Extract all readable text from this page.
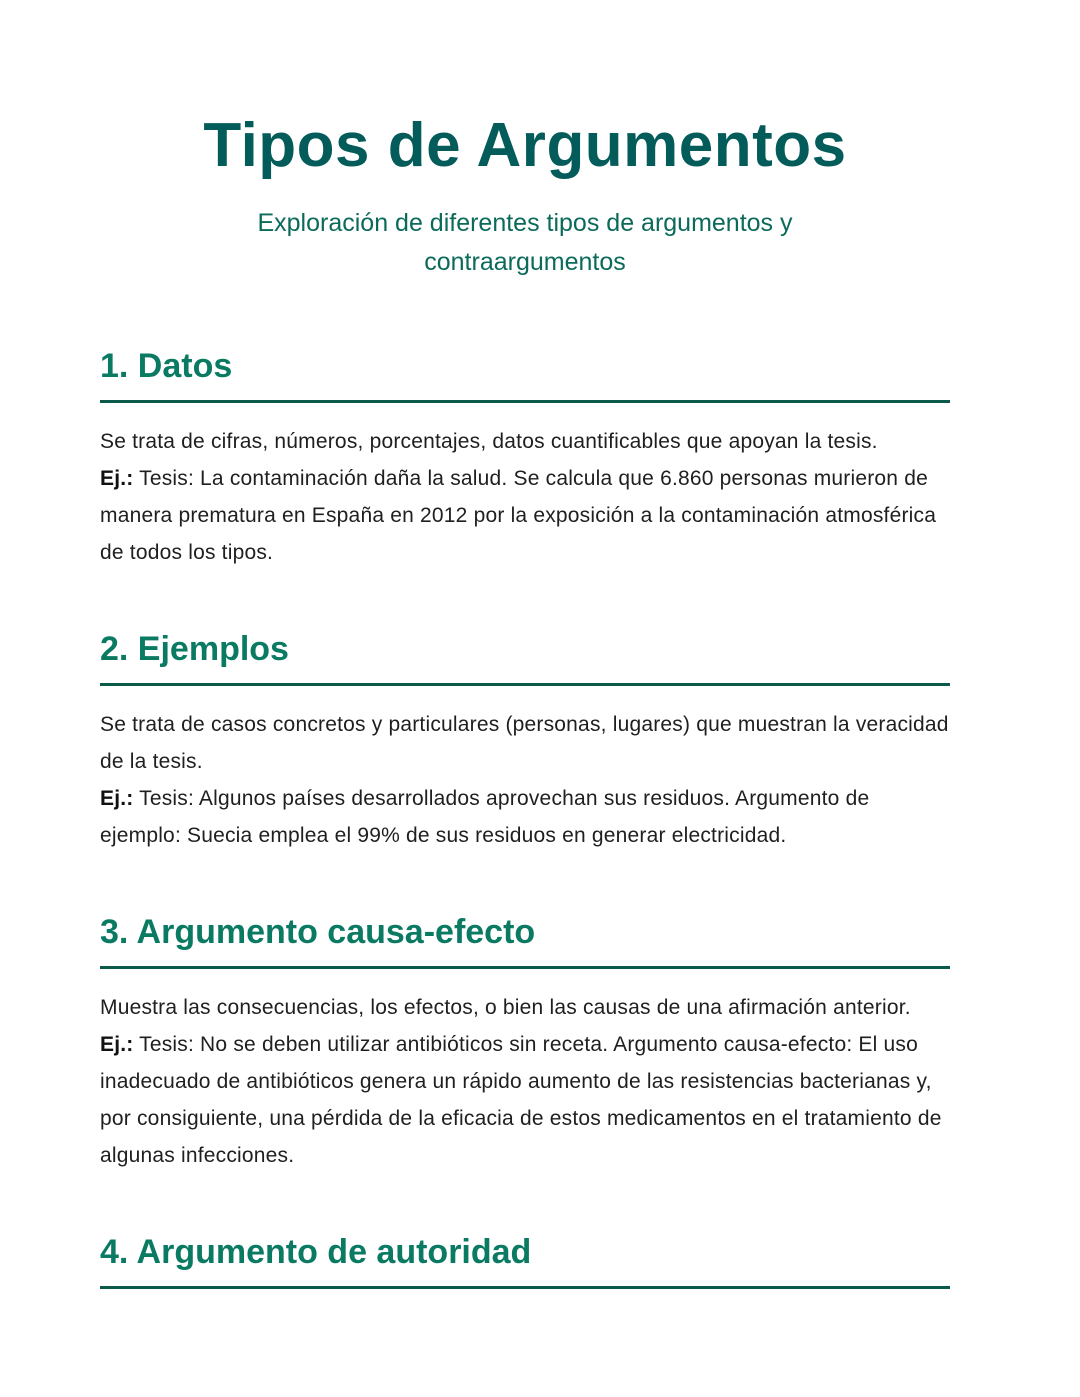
Tipos de Argumentos
Exploración de diferentes tipos de argumentos y contraargumentos
1. Datos

Se trata de cifras, números, porcentajes, datos cuantificables que apoyan la tesis.

Ej.: Tesis: La contaminación daña la salud. Se calcula que 6.860 personas murieron de manera prematura en España en 2012 por la exposición a la contaminación atmosférica de todos los tipos.

2. Ejemplos

Se trata de casos concretos y particulares (personas, lugares) que muestran la veracidad de la tesis.

Ej.: Tesis: Algunos países desarrollados aprovechan sus residuos. Argumento de ejemplo: Suecia emplea el 99% de sus residuos en generar electricidad.

3. Argumento causa-efecto

Muestra las consecuencias, los efectos, o bien las causas de una afirmación anterior.

Ej.: Tesis: No se deben utilizar antibióticos sin receta. Argumento causa-efecto: El uso inadecuado de antibióticos genera un rápido aumento de las resistencias bacterianas y, por consiguiente, una pérdida de la eficacia de estos medicamentos en el tratamiento de algunas infecciones.

4. Argumento de autoridad
